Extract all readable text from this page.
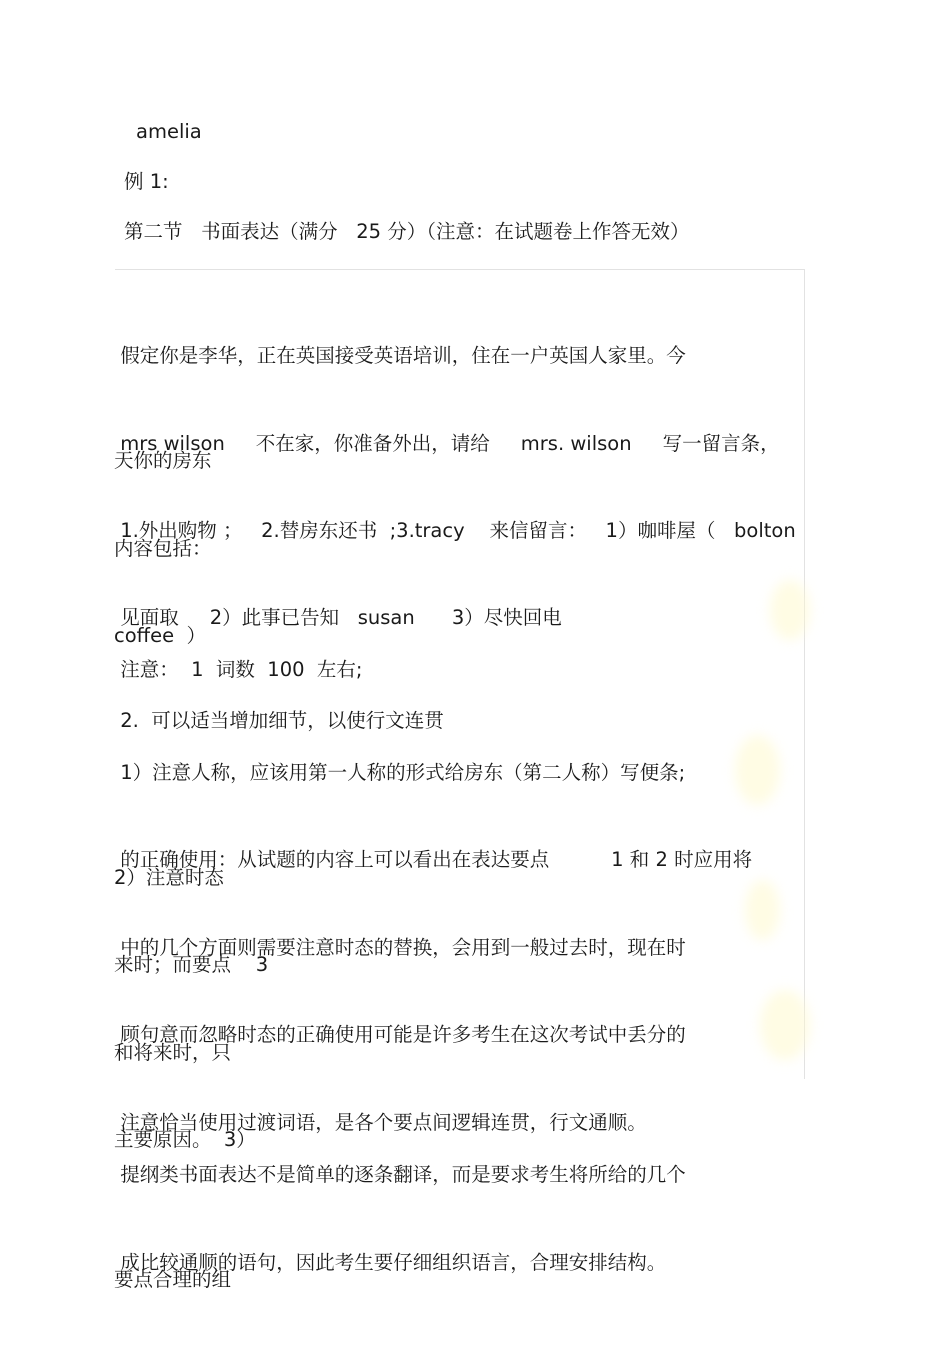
amelia

例 1:

第二节   书面表达（满分   25 分）（注意：在试题卷上作答无效）

假定你是李华，正在英国接受英语培训，住在一户英国人家里。今

天你的房东

mrs wilson     不在家，你准备外出，请给     mrs. wilson     写一留言条，

内容包括：

1.外出购物 ；   2.替房东还书  ;3.tracy    来信留言：   1）咖啡屋（   bolton

coffee  ）

见面取     2）此事已告知   susan      3）尽快回电

注意：  1  词数  100  左右;

2.  可以适当增加细节，以使行文连贯

1）注意人称，应该用第一人称的形式给房东（第二人称）写便条;

2）注意时态

的正确使用：从试题的内容上可以看出在表达要点          1 和 2 时应用将

来时；而要点    3

中的几个方面则需要注意时态的替换，会用到一般过去时，现在时

和将来时，只

顾句意而忽略时态的正确使用可能是许多考生在这次考试中丢分的

主要原因。  3）

注意恰当使用过渡词语，是各个要点间逻辑连贯，行文通顺。

提纲类书面表达不是简单的逐条翻译，而是要求考生将所给的几个

要点合理的组

成比较通顺的语句，因此考生要仔细组织语言，合理安排结构。
